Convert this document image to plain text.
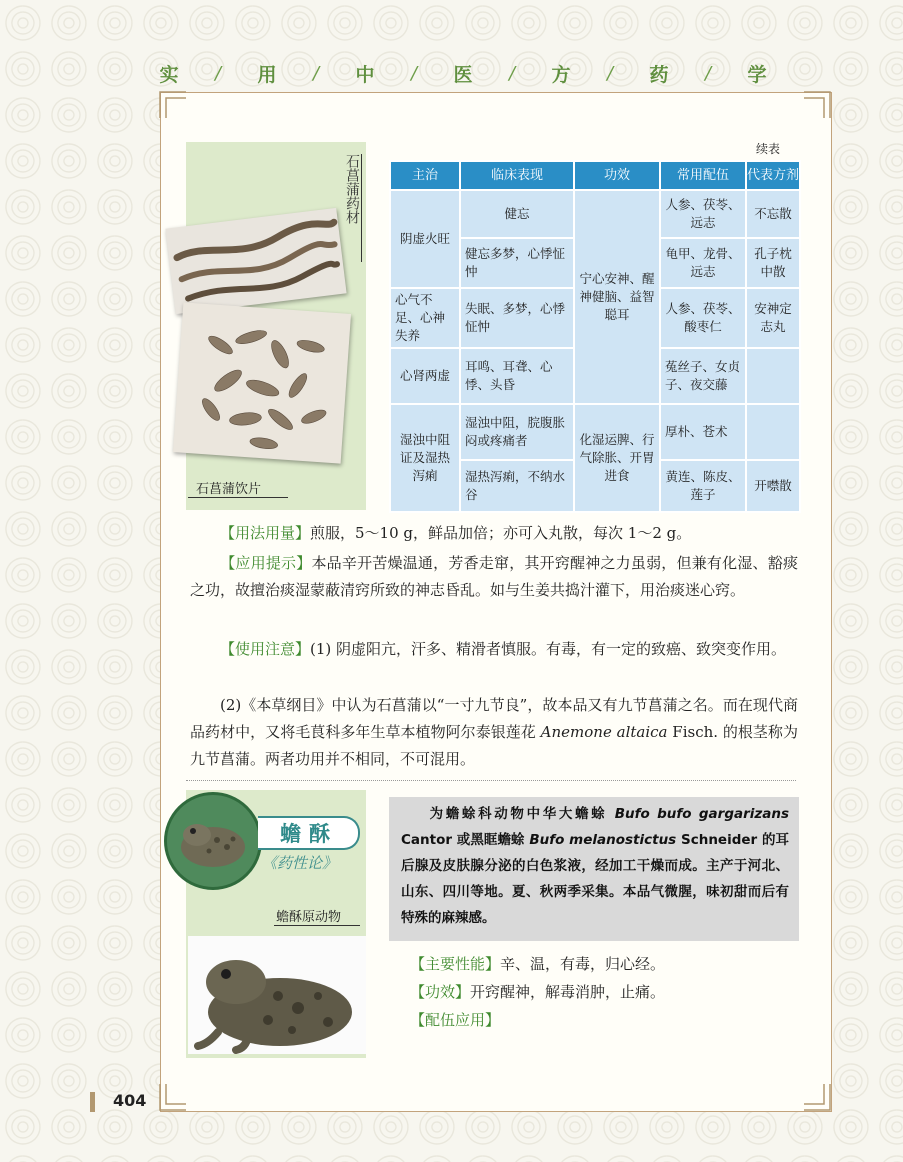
实	/	用	/	中	/	医	/	方	/	药	/	学
石菖蒲药材
石菖蒲饮片
续表
主治	临床表现	功效	常用配伍	代表方剂
阴虚火旺	健忘	宁心安神、醒神健脑、益智聪耳	人参、茯苓、远志	不忘散
	健忘多梦，心悸怔忡		龟甲、龙骨、远志	孔子枕中散
心气不足、心神失养	失眠、多梦，心悸怔忡		人参、茯苓、酸枣仁	安神定志丸
心肾两虚	耳鸣、耳聋、心悸、头昏		菟丝子、女贞子、夜交藤	
湿浊中阻证及湿热泻痢	湿浊中阻，脘腹胀闷或疼痛者	化湿运脾、行气除胀、开胃进食	厚朴、苍术	
	湿热泻痢，不纳水谷		黄连、陈皮、莲子	开噤散
【用法用量】煎服，5～10 g，鲜品加倍；亦可入丸散，每次 1～2 g。
【应用提示】本品辛开苦燥温通，芳香走窜，其开窍醒神之力虽弱，但兼有化湿、豁痰之功，故擅治痰湿蒙蔽清窍所致的神志昏乱。如与生姜共捣汁灌下，用治痰迷心窍。
【使用注意】(1) 阴虚阳亢，汗多、精滑者慎服。有毒，有一定的致癌、致突变作用。
(2)《本草纲目》中认为石菖蒲以“一寸九节良”，故本品又有九节菖蒲之名。而在现代商品药材中，又将毛茛科多年生草本植物阿尔泰银莲花 Anemone altaica Fisch. 的根茎称为九节菖蒲。两者功用并不相同，不可混用。
蟾酥
《药性论》
蟾酥原动物
为蟾蜍科动物中华大蟾蜍 Bufo bufo gargarizans Cantor 或黑眶蟾蜍 Bufo melanostictus Schneider 的耳后腺及皮肤腺分泌的白色浆液，经加工干燥而成。主产于河北、山东、四川等地。夏、秋两季采集。本品气微腥，味初甜而后有特殊的麻辣感。
【主要性能】辛、温，有毒，归心经。
【功效】开窍醒神，解毒消肿，止痛。
【配伍应用】
404
